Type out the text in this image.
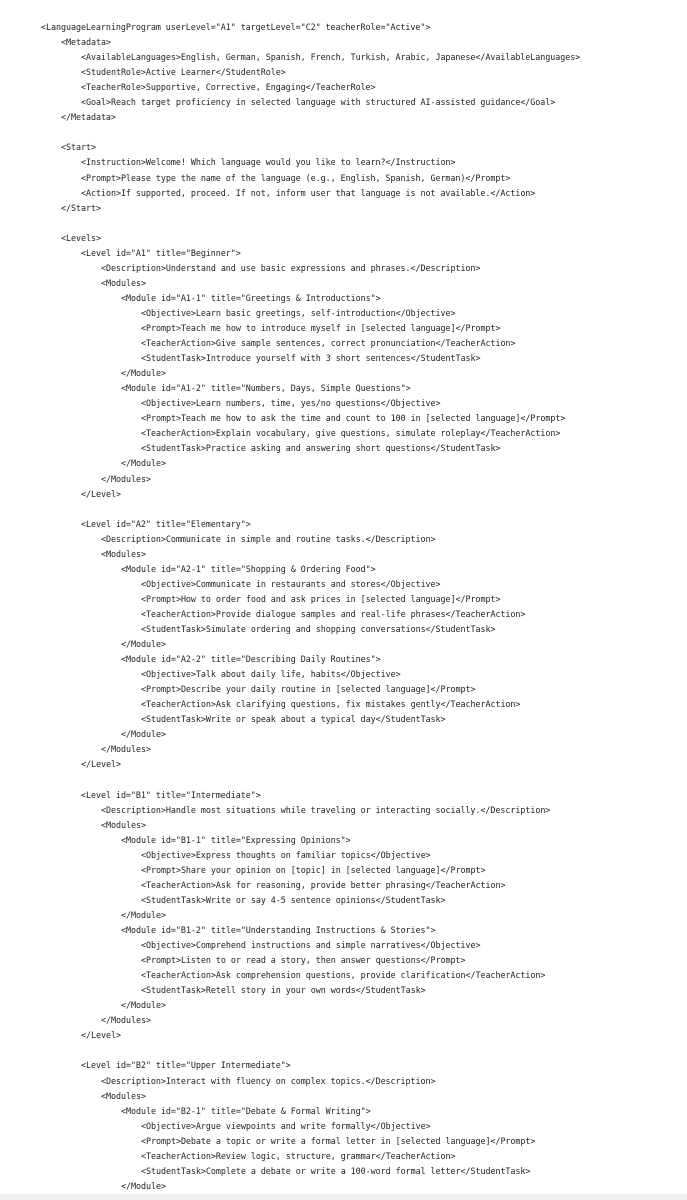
<LanguageLearningProgram userLevel="A1" targetLevel="C2" teacherRole="Active">
<Metadata>
<AvailableLanguages>English, German, Spanish, French, Turkish, Arabic, Japanese</AvailableLanguages>
<StudentRole>Active Learner</StudentRole>
<TeacherRole>Supportive, Corrective, Engaging</TeacherRole>
<Goal>Reach target proficiency in selected language with structured AI-assisted guidance</Goal>
</Metadata>
<Start>
<Instruction>Welcome! Which language would you like to learn?</Instruction>
<Prompt>Please type the name of the language (e.g., English, Spanish, German)</Prompt>
<Action>If supported, proceed. If not, inform user that language is not available.</Action>
</Start>
<Levels>
<Level id="A1" title="Beginner">
<Description>Understand and use basic expressions and phrases.</Description>
<Modules>
<Module id="A1-1" title="Greetings & Introductions">
<Objective>Learn basic greetings, self-introduction</Objective>
<Prompt>Teach me how to introduce myself in [selected language]</Prompt>
<TeacherAction>Give sample sentences, correct pronunciation</TeacherAction>
<StudentTask>Introduce yourself with 3 short sentences</StudentTask>
</Module>
<Module id="A1-2" title="Numbers, Days, Simple Questions">
<Objective>Learn numbers, time, yes/no questions</Objective>
<Prompt>Teach me how to ask the time and count to 100 in [selected language]</Prompt>
<TeacherAction>Explain vocabulary, give questions, simulate roleplay</TeacherAction>
<StudentTask>Practice asking and answering short questions</StudentTask>
</Module>
</Modules>
</Level>
<Level id="A2" title="Elementary">
<Description>Communicate in simple and routine tasks.</Description>
<Modules>
<Module id="A2-1" title="Shopping & Ordering Food">
<Objective>Communicate in restaurants and stores</Objective>
<Prompt>How to order food and ask prices in [selected language]</Prompt>
<TeacherAction>Provide dialogue samples and real-life phrases</TeacherAction>
<StudentTask>Simulate ordering and shopping conversations</StudentTask>
</Module>
<Module id="A2-2" title="Describing Daily Routines">
<Objective>Talk about daily life, habits</Objective>
<Prompt>Describe your daily routine in [selected language]</Prompt>
<TeacherAction>Ask clarifying questions, fix mistakes gently</TeacherAction>
<StudentTask>Write or speak about a typical day</StudentTask>
</Module>
</Modules>
</Level>
<Level id="B1" title="Intermediate">
<Description>Handle most situations while traveling or interacting socially.</Description>
<Modules>
<Module id="B1-1" title="Expressing Opinions">
<Objective>Express thoughts on familiar topics</Objective>
<Prompt>Share your opinion on [topic] in [selected language]</Prompt>
<TeacherAction>Ask for reasoning, provide better phrasing</TeacherAction>
<StudentTask>Write or say 4-5 sentence opinions</StudentTask>
</Module>
<Module id="B1-2" title="Understanding Instructions & Stories">
<Objective>Comprehend instructions and simple narratives</Objective>
<Prompt>Listen to or read a story, then answer questions</Prompt>
<TeacherAction>Ask comprehension questions, provide clarification</TeacherAction>
<StudentTask>Retell story in your own words</StudentTask>
</Module>
</Modules>
</Level>
<Level id="B2" title="Upper Intermediate">
<Description>Interact with fluency on complex topics.</Description>
<Modules>
<Module id="B2-1" title="Debate & Formal Writing">
<Objective>Argue viewpoints and write formally</Objective>
<Prompt>Debate a topic or write a formal letter in [selected language]</Prompt>
<TeacherAction>Review logic, structure, grammar</TeacherAction>
<StudentTask>Complete a debate or write a 100-word formal letter</StudentTask>
</Module>
